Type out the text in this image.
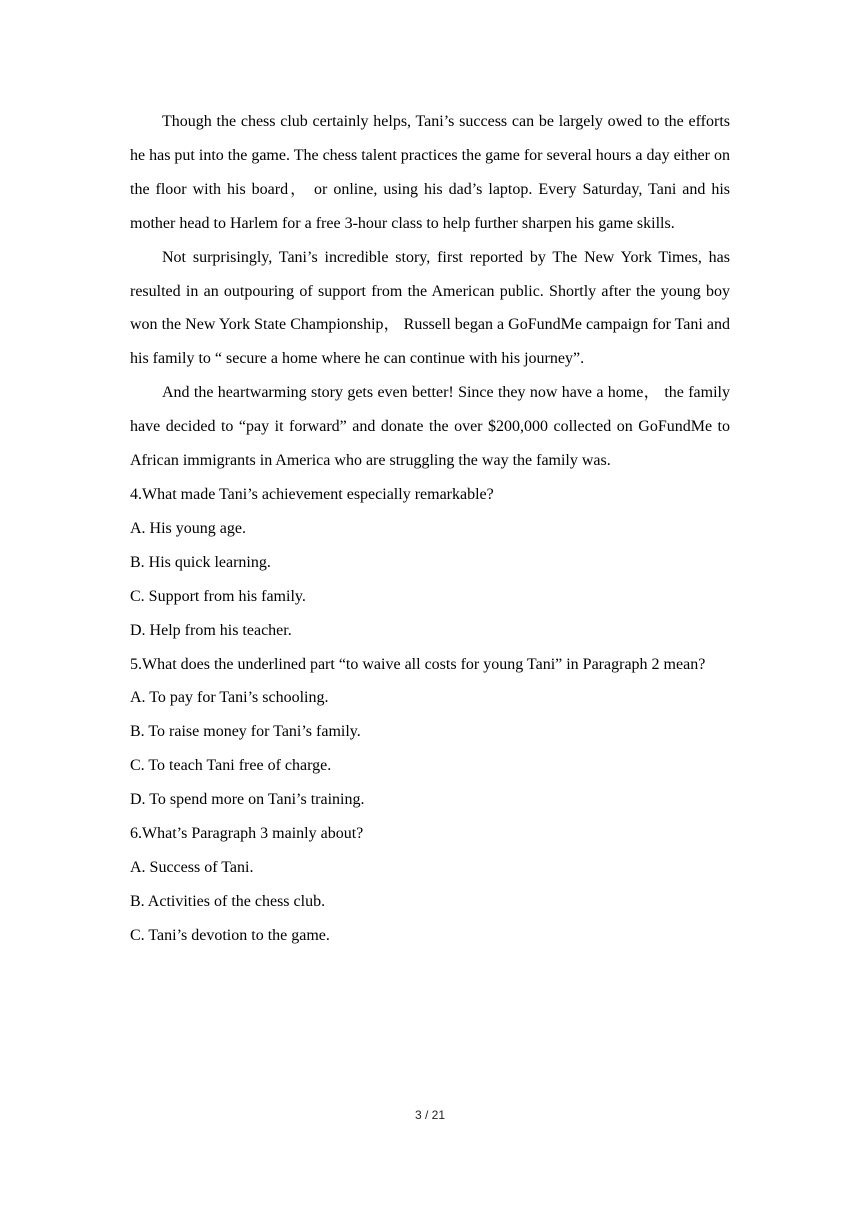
Though the chess club certainly helps, Tani’s success can be largely owed to the efforts he has put into the game. The chess talent practices the game for several hours a day either on the floor with his board， or online, using his dad’s laptop. Every Saturday, Tani and his mother head to Harlem for a free 3-hour class to help further sharpen his game skills.

Not surprisingly, Tani’s incredible story, first reported by The New York Times, has resulted in an outpouring of support from the American public. Shortly after the young boy won the New York State Championship， Russell began a GoFundMe campaign for Tani and his family to “ secure a home where he can continue with his journey”.

And the heartwarming story gets even better! Since they now have a home， the family have decided to “pay it forward” and donate the over $200,000 collected on GoFundMe to African immigrants in America who are struggling the way the family was.

4.What made Tani’s achievement especially remarkable?

A. His young age.

B. His quick learning.

C. Support from his family.

D. Help from his teacher.

5.What does the underlined part “to waive all costs for young Tani” in Paragraph 2 mean?

A. To pay for Tani’s schooling.

B. To raise money for Tani’s family.

C. To teach Tani free of charge.

D. To spend more on Tani’s training.

6.What’s Paragraph 3 mainly about?

A. Success of Tani.

B. Activities of the chess club.

C. Tani’s devotion to the game.

3 / 21
